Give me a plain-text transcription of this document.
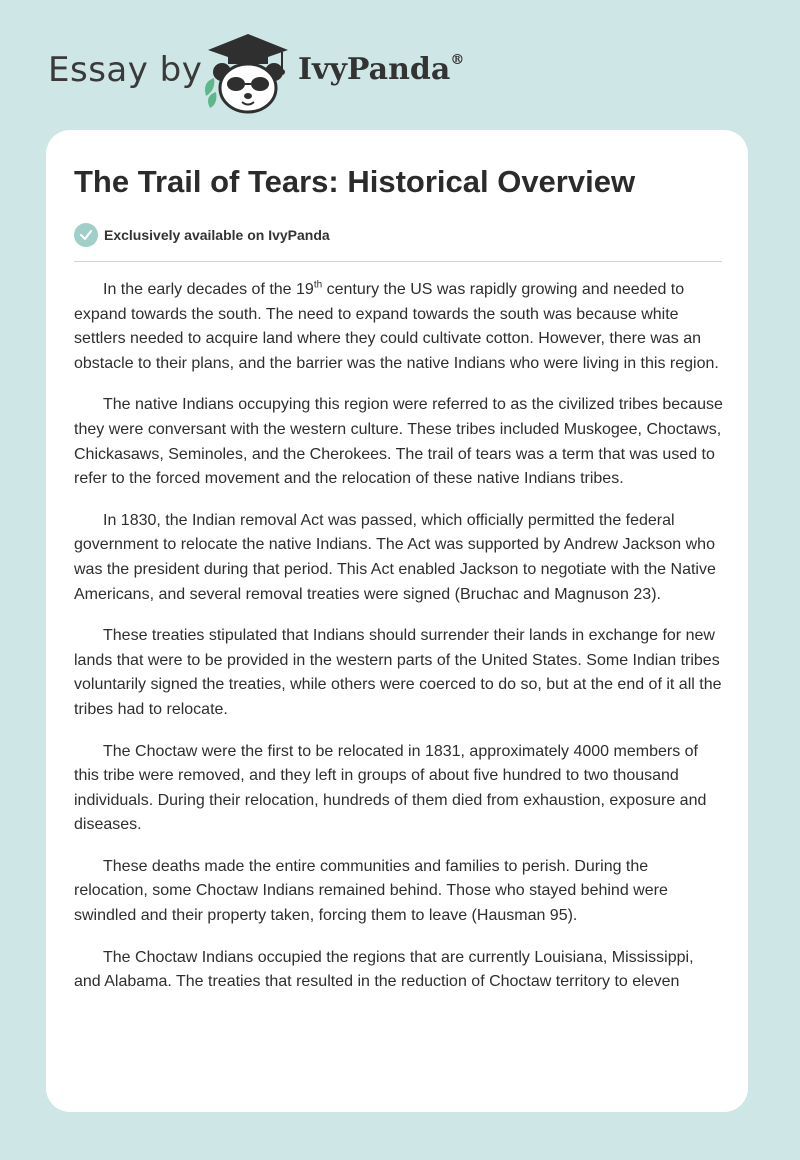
Essay by	IvyPanda®
The Trail of Tears: Historical Overview
Exclusively available on IvyPanda

In the early decades of the 19th century the US was rapidly growing and needed to expand towards the south. The need to expand towards the south was because white settlers needed to acquire land where they could cultivate cotton. However, there was an obstacle to their plans, and the barrier was the native Indians who were living in this region.

The native Indians occupying this region were referred to as the civilized tribes because they were conversant with the western culture. These tribes included Muskogee, Choctaws, Chickasaws, Seminoles, and the Cherokees. The trail of tears was a term that was used to refer to the forced movement and the relocation of these native Indians tribes.

In 1830, the Indian removal Act was passed, which officially permitted the federal government to relocate the native Indians. The Act was supported by Andrew Jackson who was the president during that period. This Act enabled Jackson to negotiate with the Native Americans, and several removal treaties were signed (Bruchac and Magnuson 23).

These treaties stipulated that Indians should surrender their lands in exchange for new lands that were to be provided in the western parts of the United States. Some Indian tribes voluntarily signed the treaties, while others were coerced to do so, but at the end of it all the tribes had to relocate.

The Choctaw were the first to be relocated in 1831, approximately 4000 members of this tribe were removed, and they left in groups of about five hundred to two thousand individuals. During their relocation, hundreds of them died from exhaustion, exposure and diseases.

These deaths made the entire communities and families to perish. During the relocation, some Choctaw Indians remained behind. Those who stayed behind were swindled and their property taken, forcing them to leave (Hausman 95).

The Choctaw Indians occupied the regions that are currently Louisiana, Mississippi, and Alabama. The treaties that resulted in the reduction of Choctaw territory to eleven
